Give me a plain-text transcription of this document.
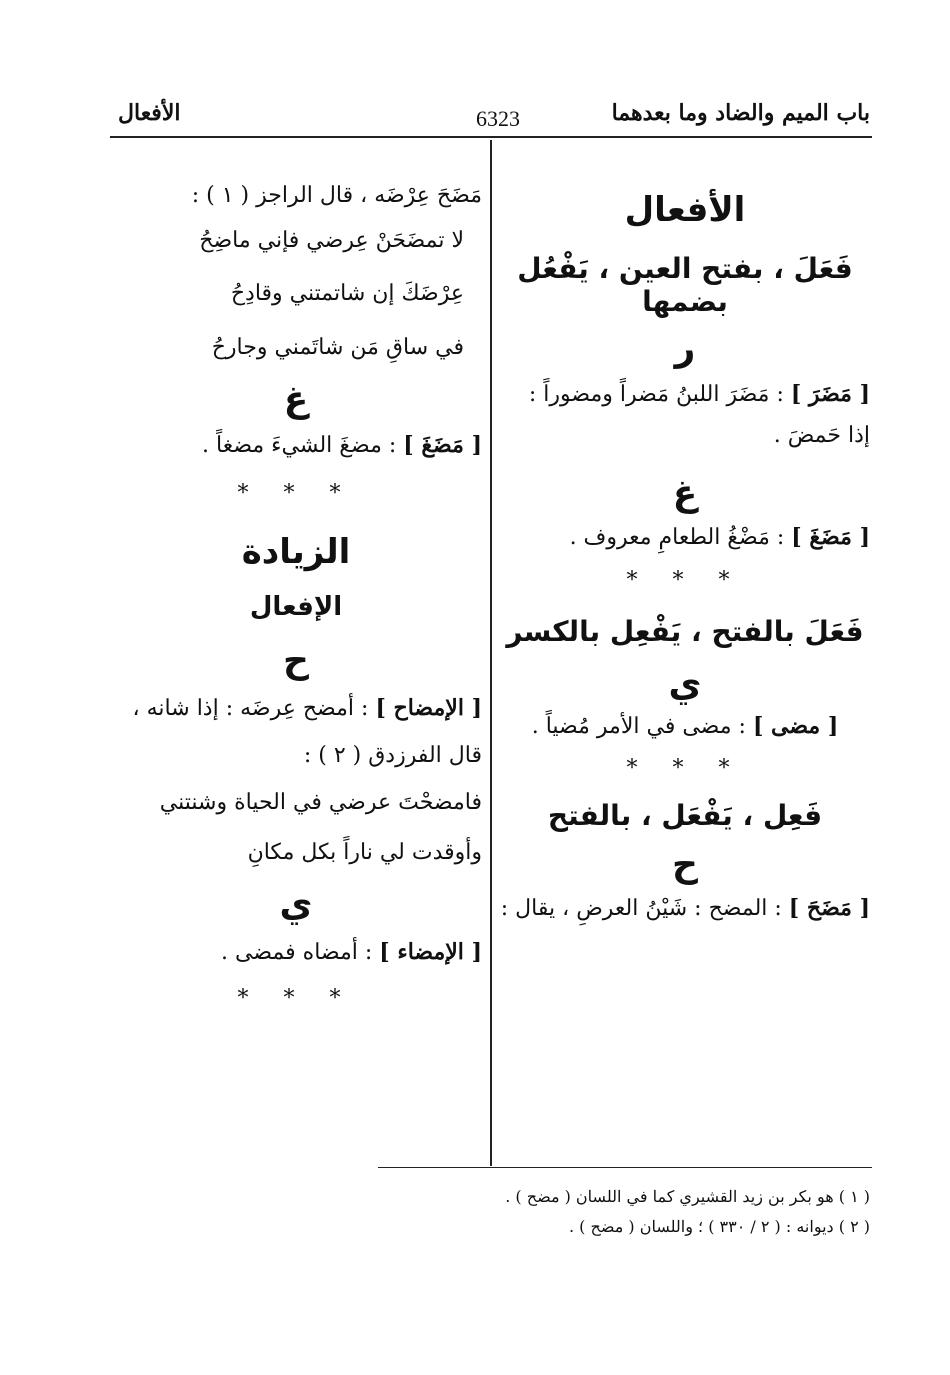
باب الميم والضاد وما بعدهما
6323
الأفعال
الأفعال
فَعَلَ ، بفتح العين ، يَفْعُل بضمها
ر
[ مَضَرَ ] : مَضَرَ اللبنُ مَضراً ومضوراً :
إذا حَمضَ .
غ
[ مَضَغَ ] : مَضْغُ الطعامِ معروف .
* * *
فَعَلَ بالفتح ، يَفْعِل بالكسر
ي
[ مضى ] : مضى في الأمر مُضياً .
* * *
فَعِل ، يَفْعَل ، بالفتح
ح
[ مَضَحَ ] : المضح : شَيْنُ العرضِ ، يقال :
مَضَحَ عِرْضَه ، قال الراجز ( ١ ) :
لا تمضَحَنْ عِرضي فإني ماضِحُ
عِرْضَكَ إن شاتمتني وقادِحُ
في ساقِ مَن شاتَمني وجارحُ
غ
[ مَضَغَ ] : مضغَ الشيءَ مضغاً .
* * *
الزيادة
الإفعال
ح
[ الإمضاح ] : أمضح عِرضَه : إذا شانه ،
قال الفرزدق ( ٢ ) :
فامضحْتَ عرضي في الحياة وشنتني
وأوقدت لي ناراً بكل مكانِ
ي
[ الإمضاء ] : أمضاه فمضى .
* * *
( ١ ) هو بكر بن زيد القشيري كما في اللسان ( مضح ) .
( ٢ ) ديوانه : ( ٢ / ٣٣٠ ) ؛ واللسان ( مضح ) .
